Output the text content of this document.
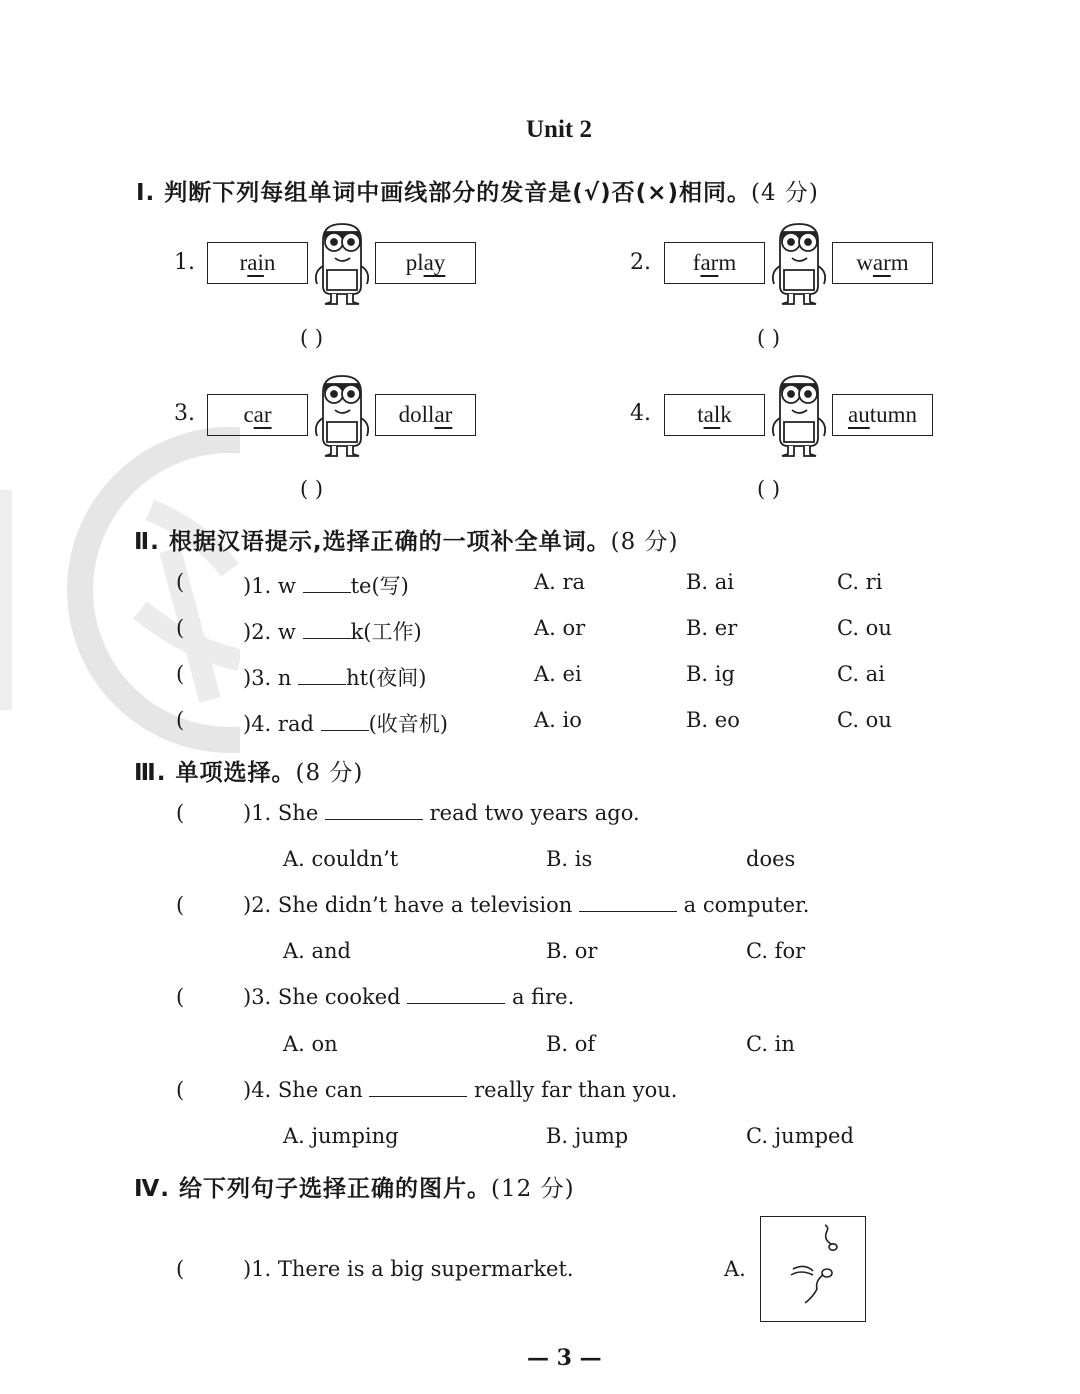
Unit 2
Ⅰ. 判断下列每组单词中画线部分的发音是(√)否(×)相同。(4 分)
1. r ai n	pl ay
( )
2. f ar m	w ar m
( )
3. c ar	doll ar
( )
4. t al k	au tumn
( )
Ⅱ. 根据汉语提示,选择正确的一项补全单词。(8 分)
(	)1. w	te(写)	A. ra	B. ai	C. ri
(	)2. w	k(工作)	A. or	B. er	C. ou
(	)3. n	ht(夜间)	A. ei	B. ig	C. ai
(	)4. rad	(收音机)	A. io	B. eo	C. ou
Ⅲ. 单项选择。(8 分)
(	)1. She	read two years ago.
A. couldn’t	B. is	does
(	)2. She didn’t have a television	a computer.
A. and	B. or	C. for
(	)3. She cooked	a fire.
A. on	B. of	C. in
(	)4. She can	really far than you.
A. jumping	B. jump	C. jumped
Ⅳ. 给下列句子选择正确的图片。(12 分)
(	)1. There is a big supermarket.	A.
— 3 —
